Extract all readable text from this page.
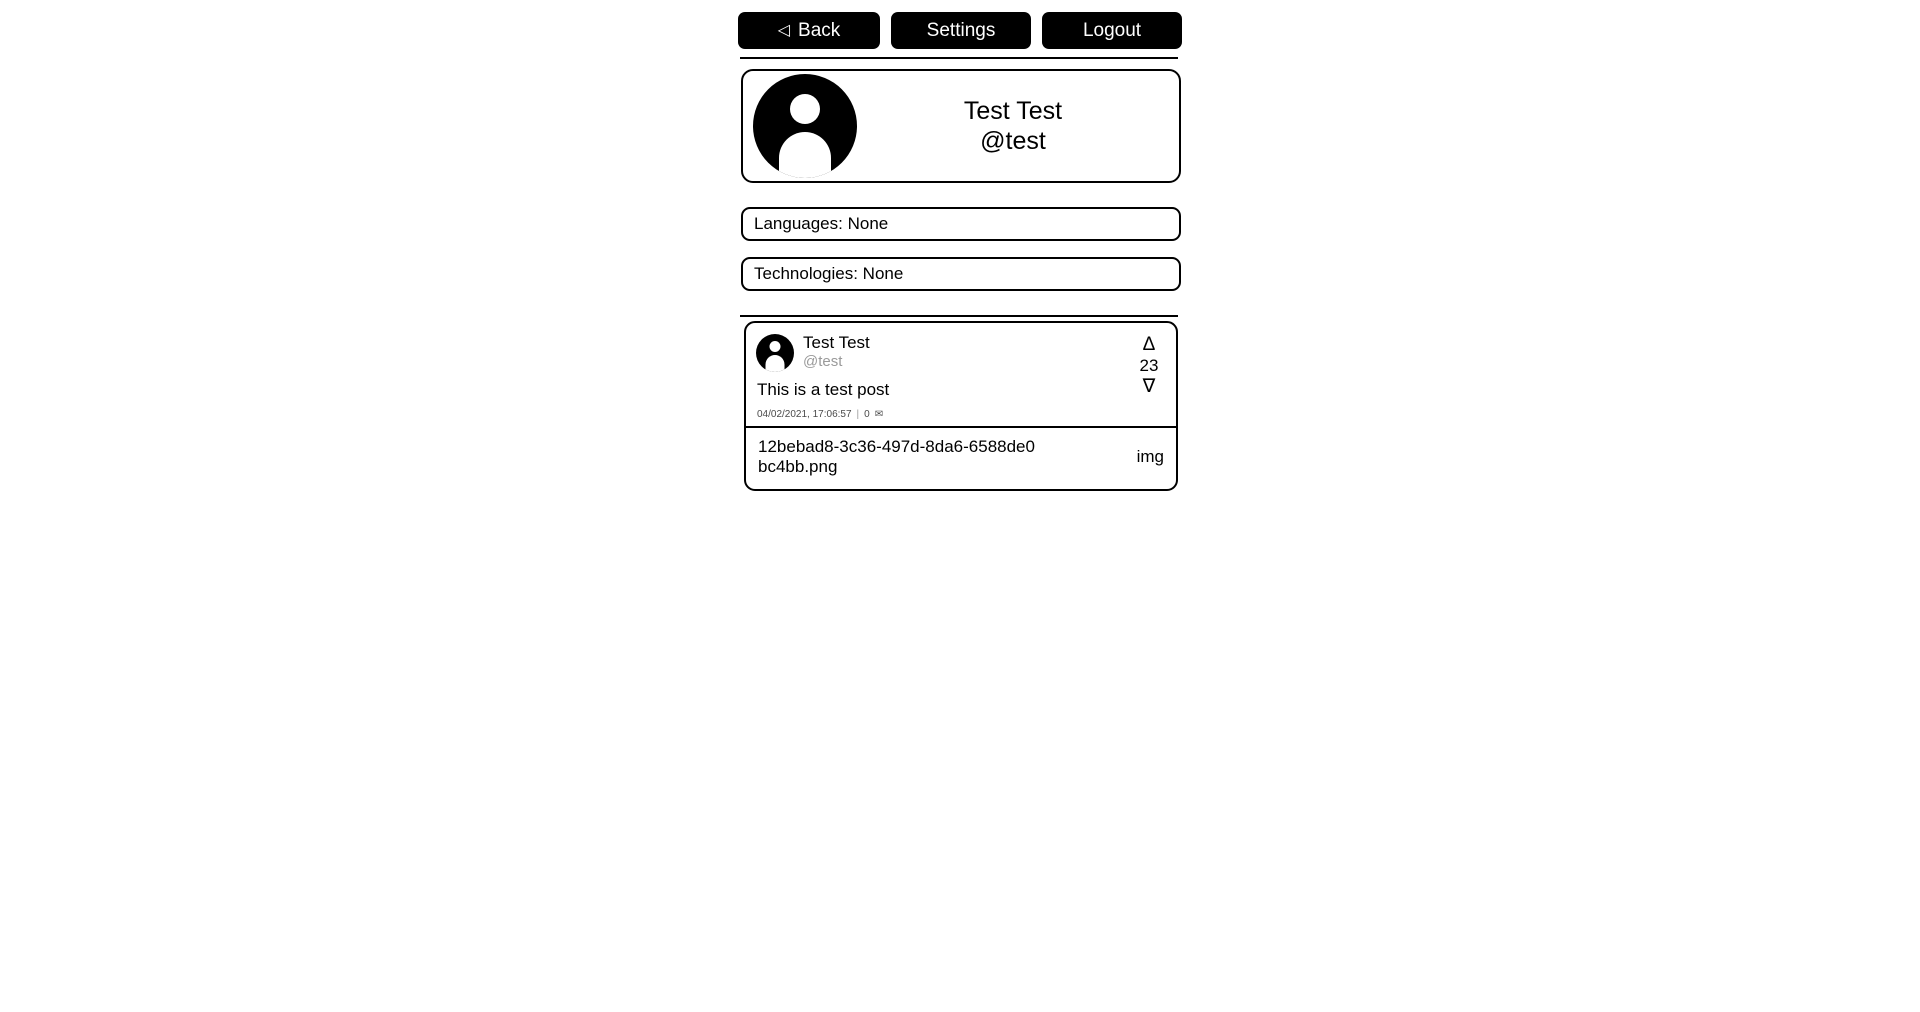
◁ Back	Settings	Logout
Test Test
@test
Languages: None
Technologies: None
Test Test
@test
This is a test post
04/02/2021, 17:06:57 | 0 ✉
Δ
23
∇
12bebad8-3c36-497d-8da6-6588de0bc4bb.png
img
